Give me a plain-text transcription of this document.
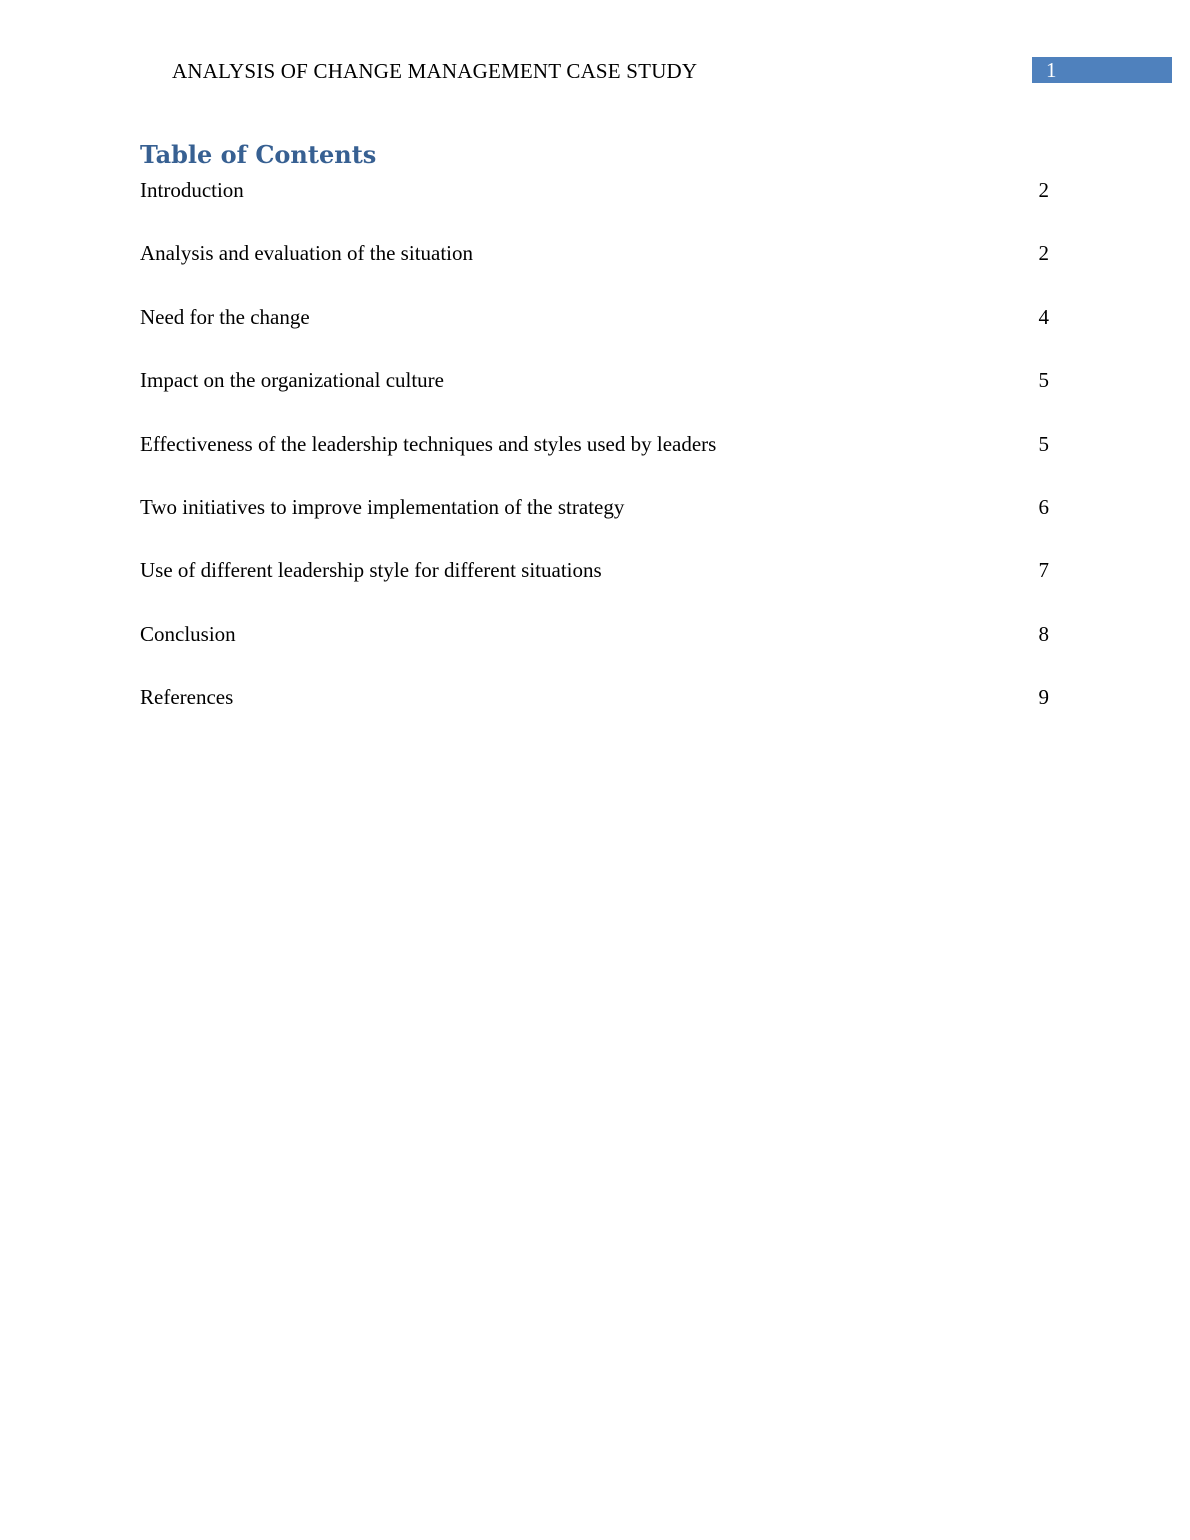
ANALYSIS OF CHANGE MANAGEMENT CASE STUDY	1
Table of Contents
Introduction	2
Analysis and evaluation of the situation	2
Need for the change	4
Impact on the organizational culture	5
Effectiveness of the leadership techniques and styles used by leaders	5
Two initiatives to improve implementation of the strategy	6
Use of different leadership style for different situations	7
Conclusion	8
References	9
